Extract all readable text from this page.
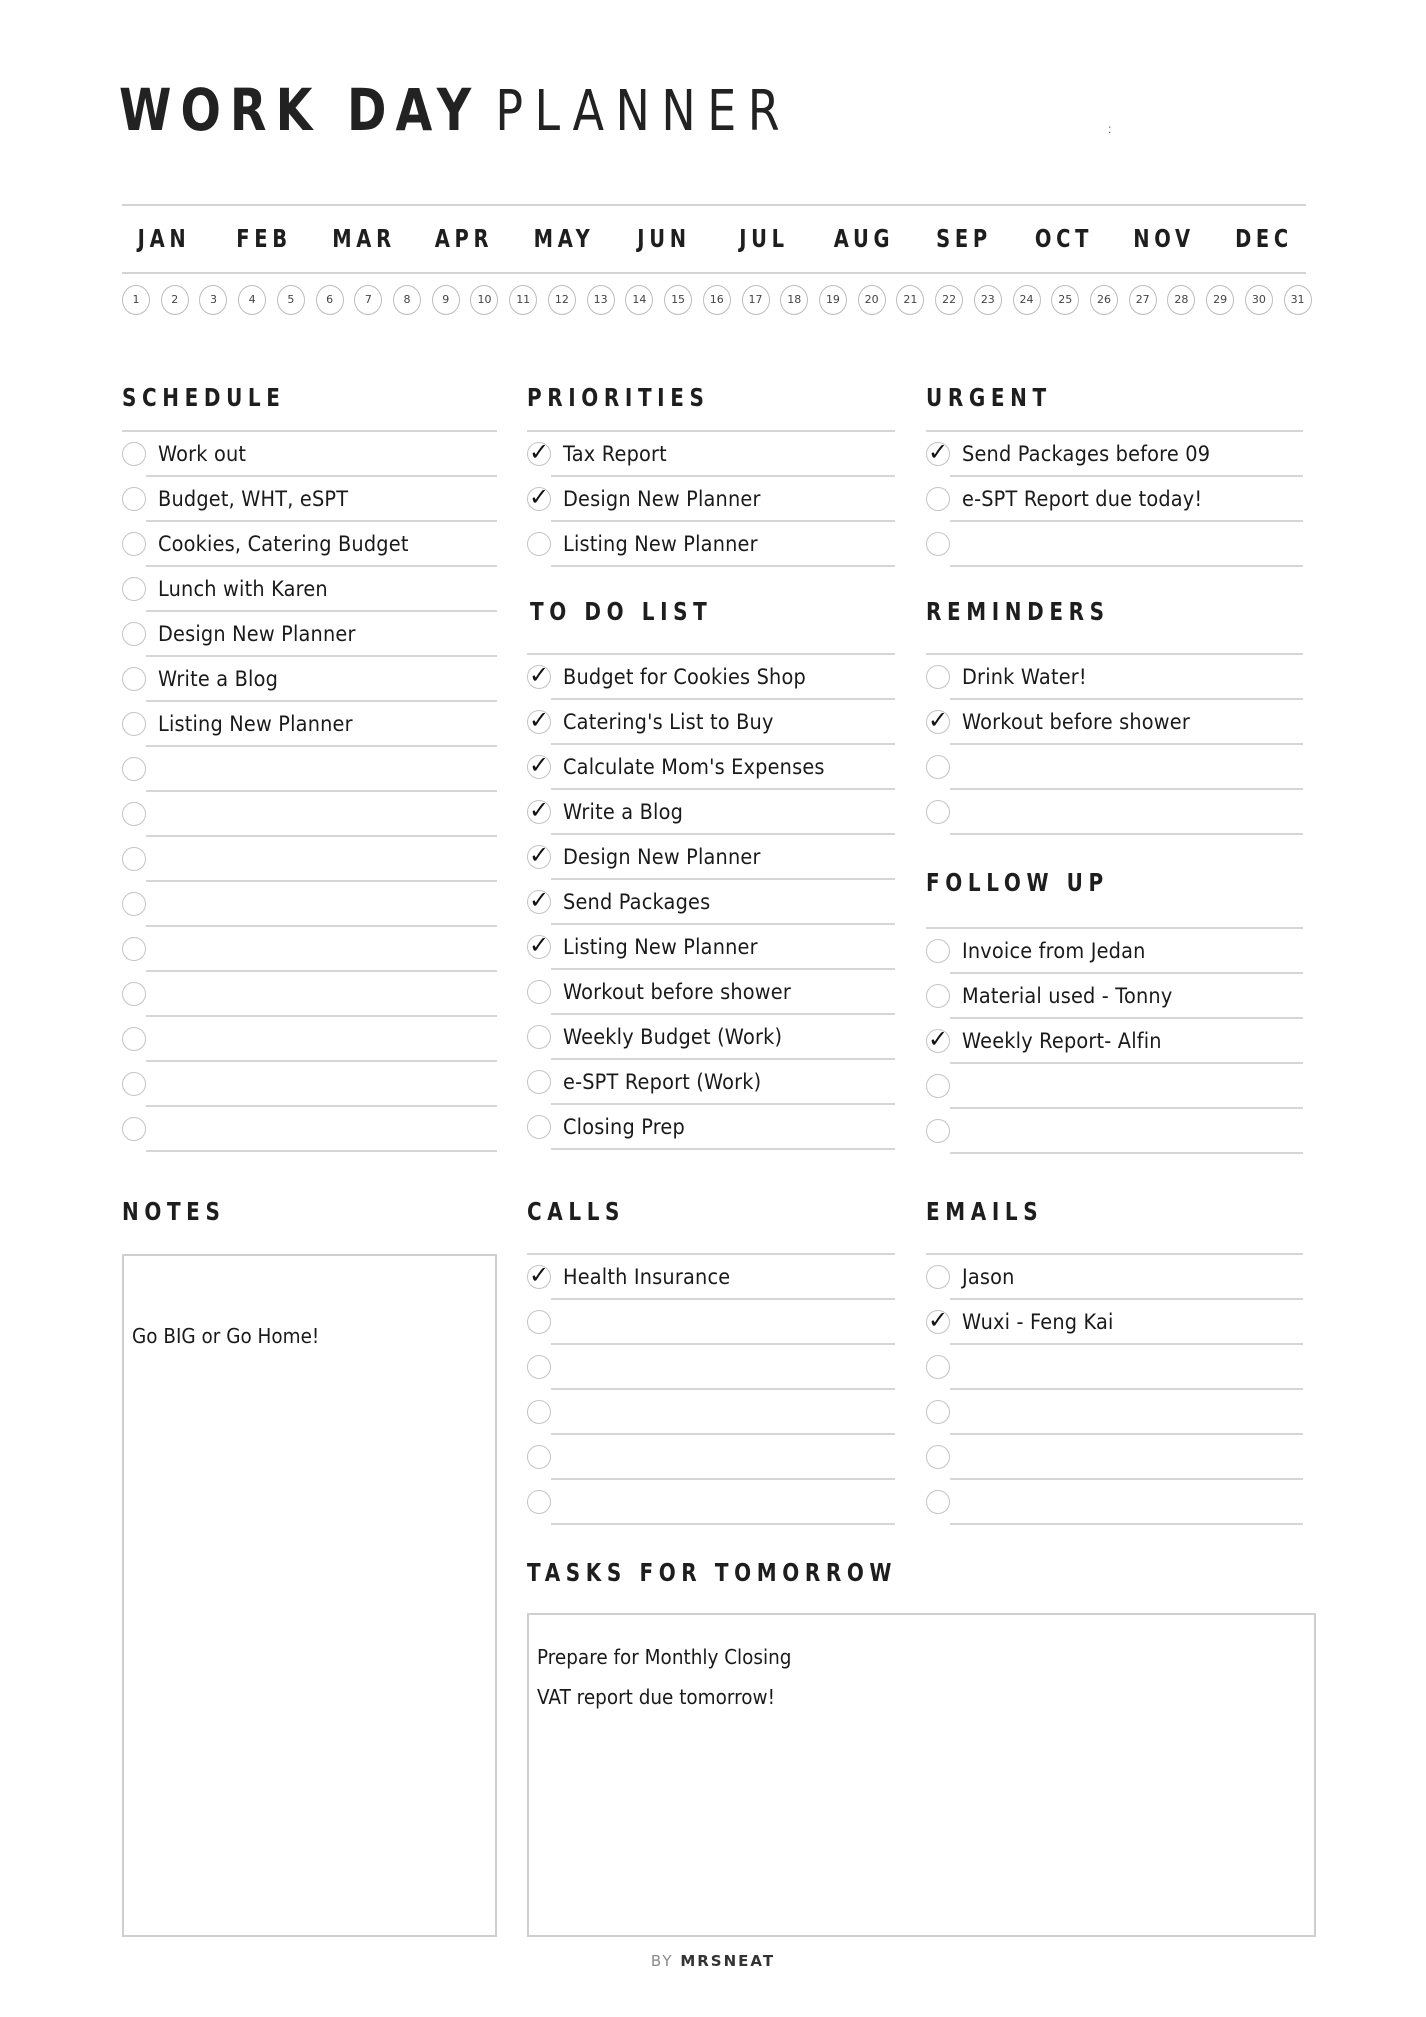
WORK DAY PLANNER	:
JAN FEB MAR APR MAY JUN	JUL	AUG SEP OCT NOV DEC
1	2	3	4	5	6	7	8	9	10	11	12	13	14	15	16	17	18	19	20	21	22	23	24	25	26	27	28	29	30	31
SCHEDULE	PRIORITIES	URGENT
TO DO LIST	REMINDERS
FOLLOW UP
NOTES	CALLS	EMAILS
TASKS FOR TOMORROW
Work out
Budget, WHT, eSPT
Cookies, Catering Budget
Lunch with Karen
Design New Planner
Write a Blog
Listing New Planner
✓ Tax Report
✓ Design New Planner
Listing New Planner
✓ Send Packages before 09
e-SPT Report due today!
✓ Budget for Cookies Shop
✓ Catering's List to Buy
✓ Calculate Mom's Expenses
✓ Write a Blog
✓ Design New Planner
✓ Send Packages
✓ Listing New Planner
Workout before shower
Weekly Budget (Work)
e-SPT Report (Work)
Closing Prep
Drink Water!
✓ Workout before shower
Invoice from Jedan
Material used - Tonny
✓ Weekly Report- Alfin
✓ Health Insurance	Jason
✓ Wuxi - Feng Kai
Go BIG or Go Home!
Prepare for Monthly Closing
VAT report due tomorrow!
BY MRSNEAT
